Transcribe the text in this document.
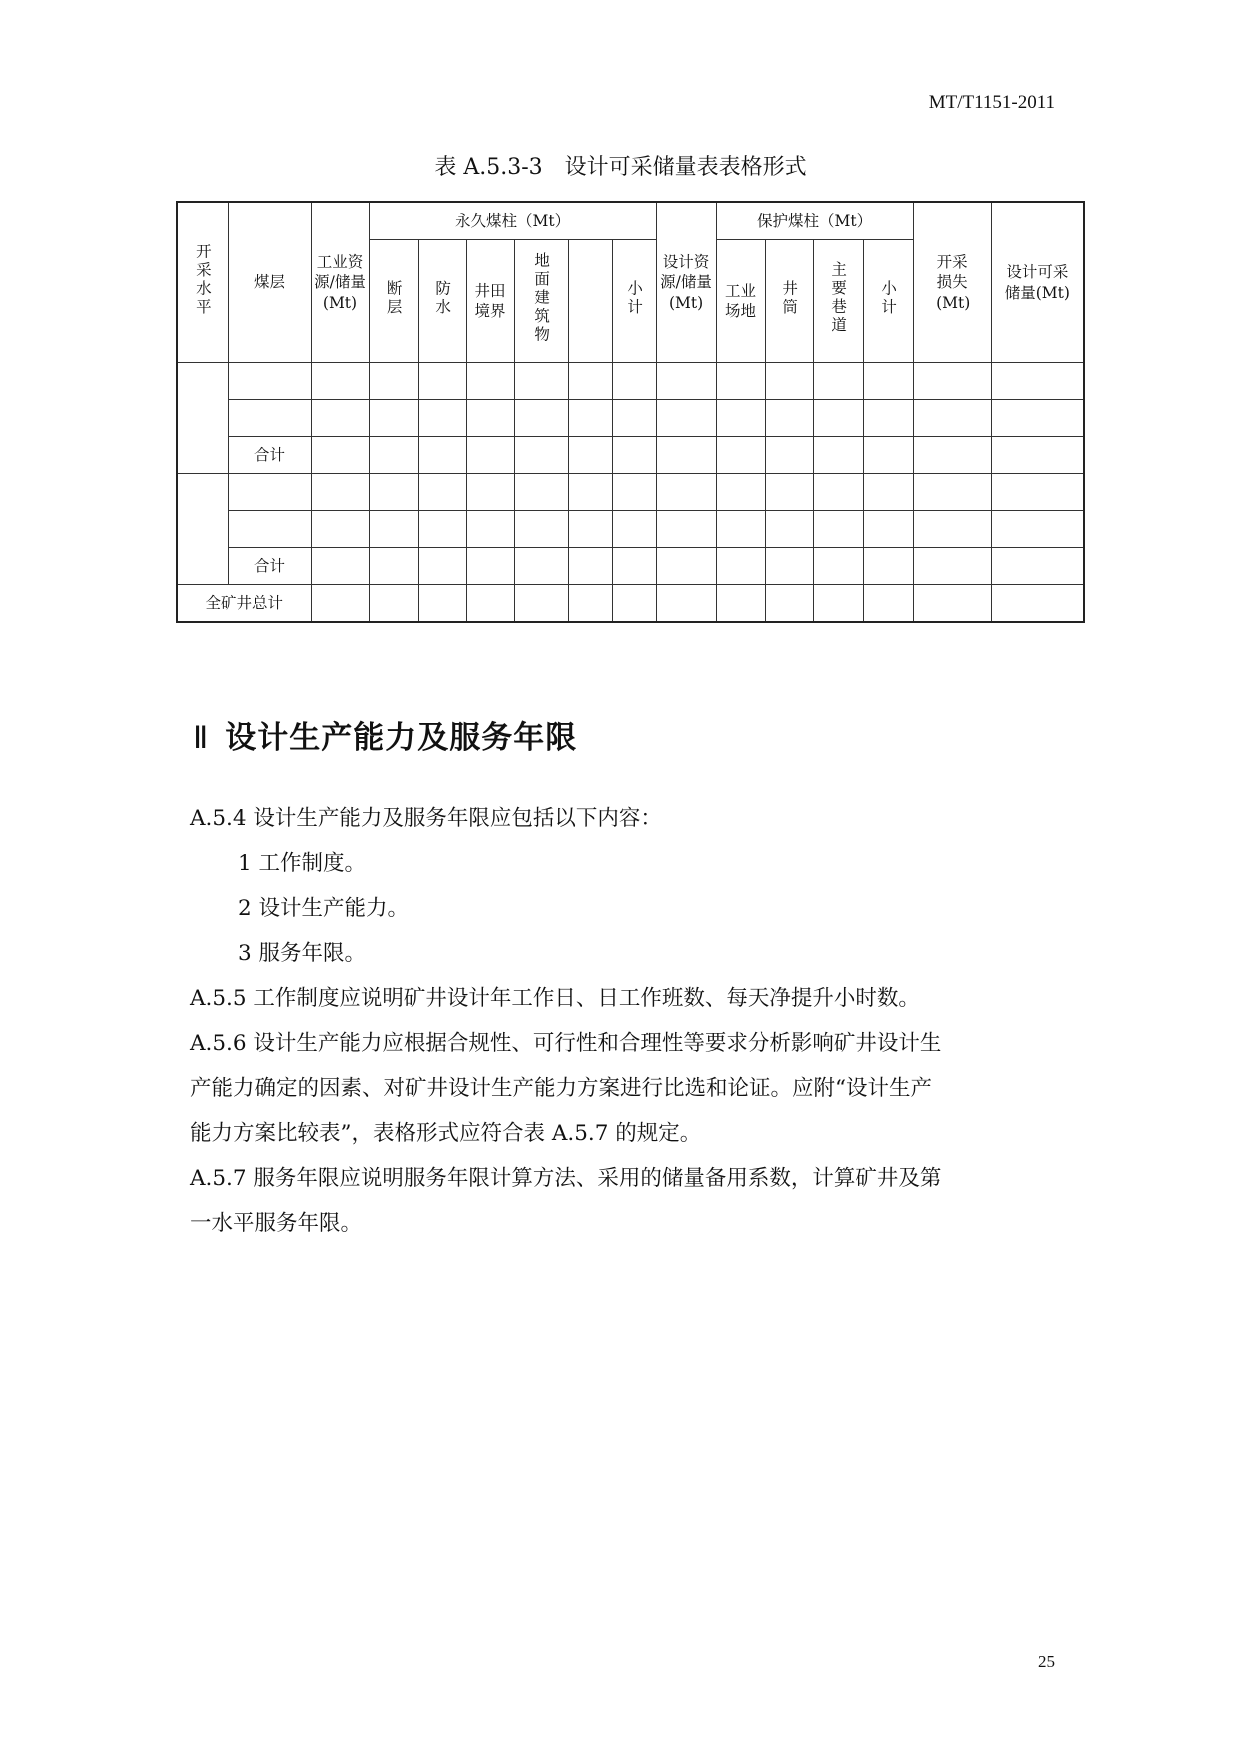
MT/T1151-2011
表 A.5.3-3　设计可采储量表表格形式
开采水平	煤层	工业资源/储量(Mt)	永久煤柱（Mt）						设计资源/储量(Mt)	保护煤柱（Mt）				开采损失(Mt)	设计可采储量(Mt)
			断层	防水	井田境界	地面建筑物		小计		工业场地	井筒	主要巷道	小计		

	合计														

	合计														
全矿井总计															
Ⅱ 设计生产能力及服务年限

A.5.4 设计生产能力及服务年限应包括以下内容：

1 工作制度。

2 设计生产能力。

3 服务年限。

A.5.5 工作制度应说明矿井设计年工作日、日工作班数、每天净提升小时数。

A.5.6 设计生产能力应根据合规性、可行性和合理性等要求分析影响矿井设计生

产能力确定的因素、对矿井设计生产能力方案进行比选和论证。应附“设计生产

能力方案比较表”，表格形式应符合表 A.5.7 的规定。

A.5.7 服务年限应说明服务年限计算方法、采用的储量备用系数，计算矿井及第

一水平服务年限。

25
